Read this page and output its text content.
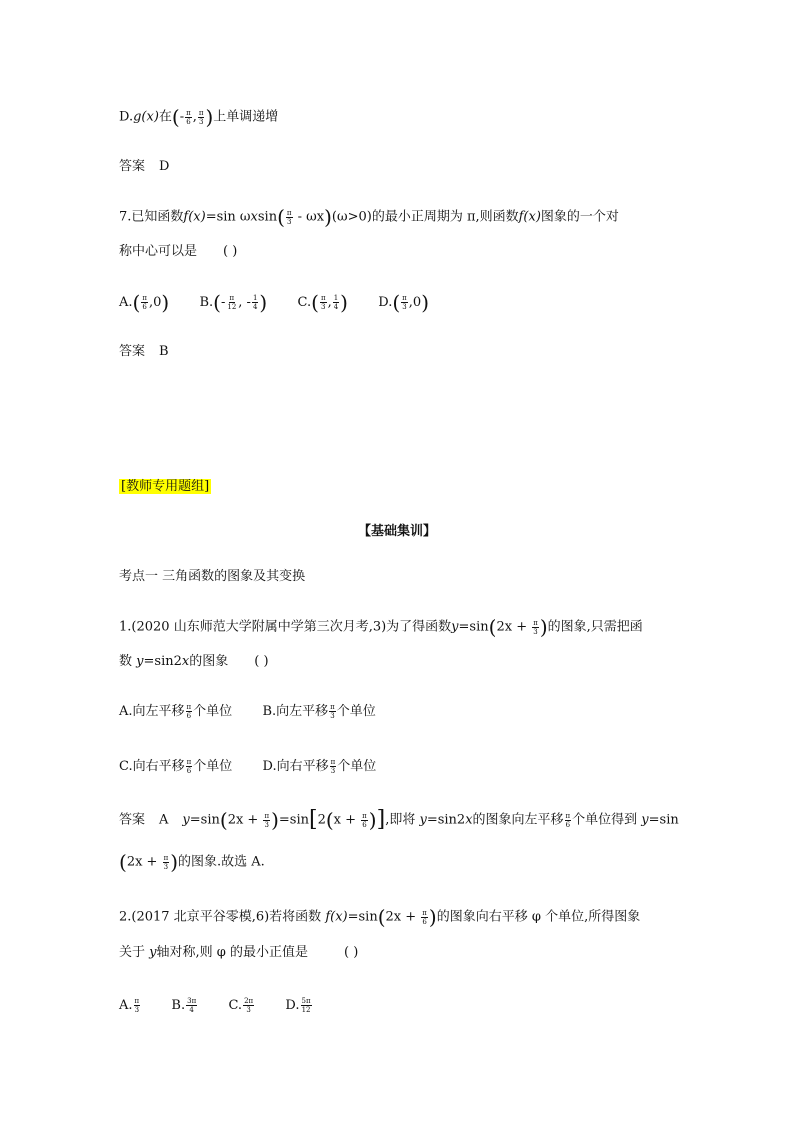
D.g(x)在(- $\frac{\pi}{6}$ , $\frac{\pi}{3}$ )上单调递增
答案 D
7.已知函数f(x)=sin $\omega xsin( \frac{\pi}{3} - \omega x)(\omega>0)$的最小正周期为 π,则函数f(x)图象的一个对
称中心可以是 ( )
$A.( \frac{\pi}{6} ,0)$ $B.(- \frac{\pi}{12}$ , - $\frac{1}{4}$ ) $C.( \frac{\pi}{3}$ , $\frac{1}{4}$ ) $D.( \frac{\pi}{3} ,0)$
答案 B
[教师专用题组]
【基础集训】
考点一 三角函数的图象及其变换
1.(2020 山东师范大学附属中学第三次月考,3)为了得函数$y=\sin(2x + \frac{\pi}{3}$ )的图象,只需把函
数 y=sin2x的图象 ( )
A.向左平移 $\frac{\pi}{6}$ 个单位 B.向左平移 $\frac{\pi}{3}$ 个单位
C.向右平移 $\frac{\pi}{6}$ 个单位 D.向右平移 $\frac{\pi}{3}$ 个单位
答案 A $y=\sin(2x + \frac{\pi}{3} )=\sin[2(x + \frac{\pi}{6}$ )],即将 y=sin2x的图象向左平移 $\frac{\pi}{6}$ 个单位得到 y=sin
($2x + \frac{\pi}{3}$ )的图象.故选 A.
2.(2017 北京平谷零模,6)若将函数 $f(x)=\sin(2x + \frac{\pi}{6}$ )的图象向右平移 φ 个单位,所得图象
关于 y轴对称,则 φ 的最小正值是	( )
A. $\frac{\pi}{3} B$. $\frac{3\pi}{4} C$. $\frac{2\pi}{3} D$. $\frac{5\pi}{12}$
